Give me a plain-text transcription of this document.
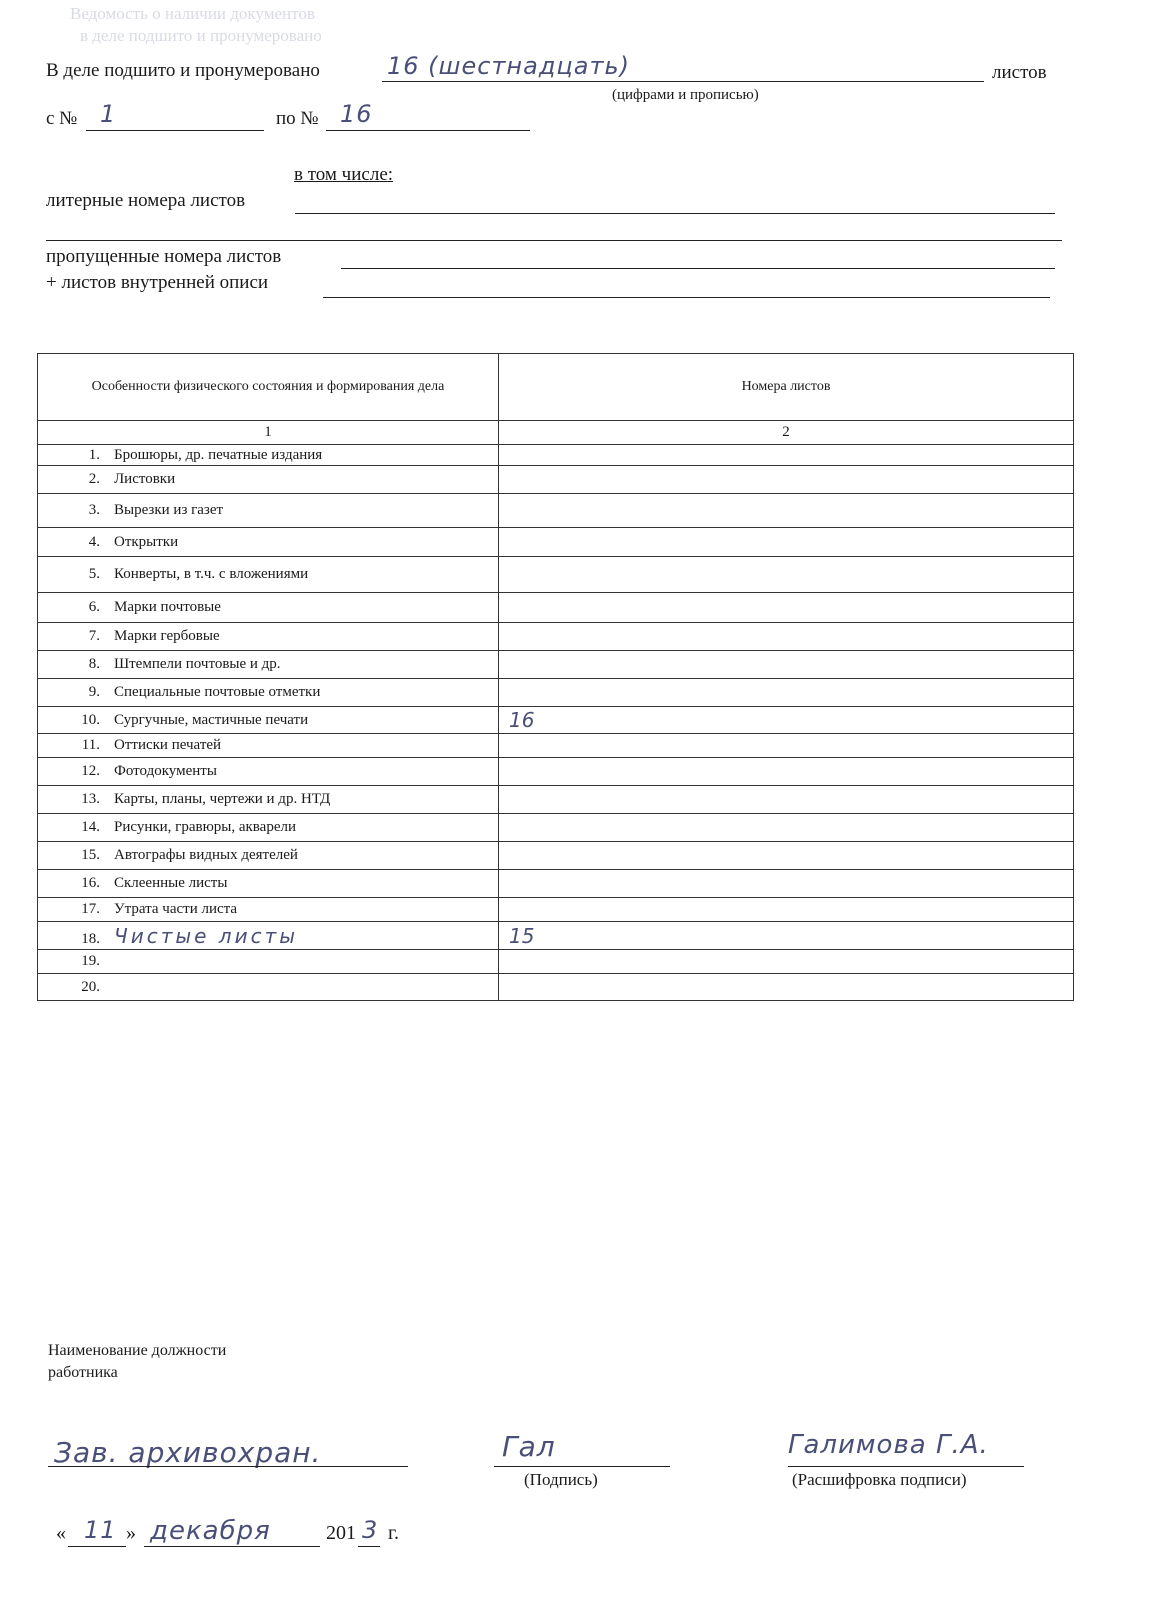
Ведомость о наличии документов
в деле подшито и пронумеровано
В деле подшито и пронумеровано	16 (шестнадцать)	листов
(цифрами и прописью)
с № 1	по № 16
в том числе:
литерные номера листов
пропущенные номера листов
+ листов внутренней описи
Особенности физического состояния и формирования дела	Номера листов
1	2
1. Брошюры, др. печатные издания	
2. Листовки	
3. Вырезки из газет	
4. Открытки	
5. Конверты, в т.ч. с вложениями	
6. Марки почтовые	
7. Марки гербовые	
8. Штемпели почтовые и др.	
9. Специальные почтовые отметки	
10. Сургучные, мастичные печати	16
11. Оттиски печатей	
12. Фотодокументы	
13. Карты, планы, чертежи и др. НТД	
14. Рисунки, гравюры, акварели	
15. Автографы видных деятелей	
16. Склеенные листы	
17. Утрата части листа	
18. Чистые листы	15
19.	
20.	
Наименование должности
работника
Зав. архивохран.	Гал
(Подпись)
Галимова Г.А.
(Расшифровка подписи)
« 11 » декабря	201 3 г.
